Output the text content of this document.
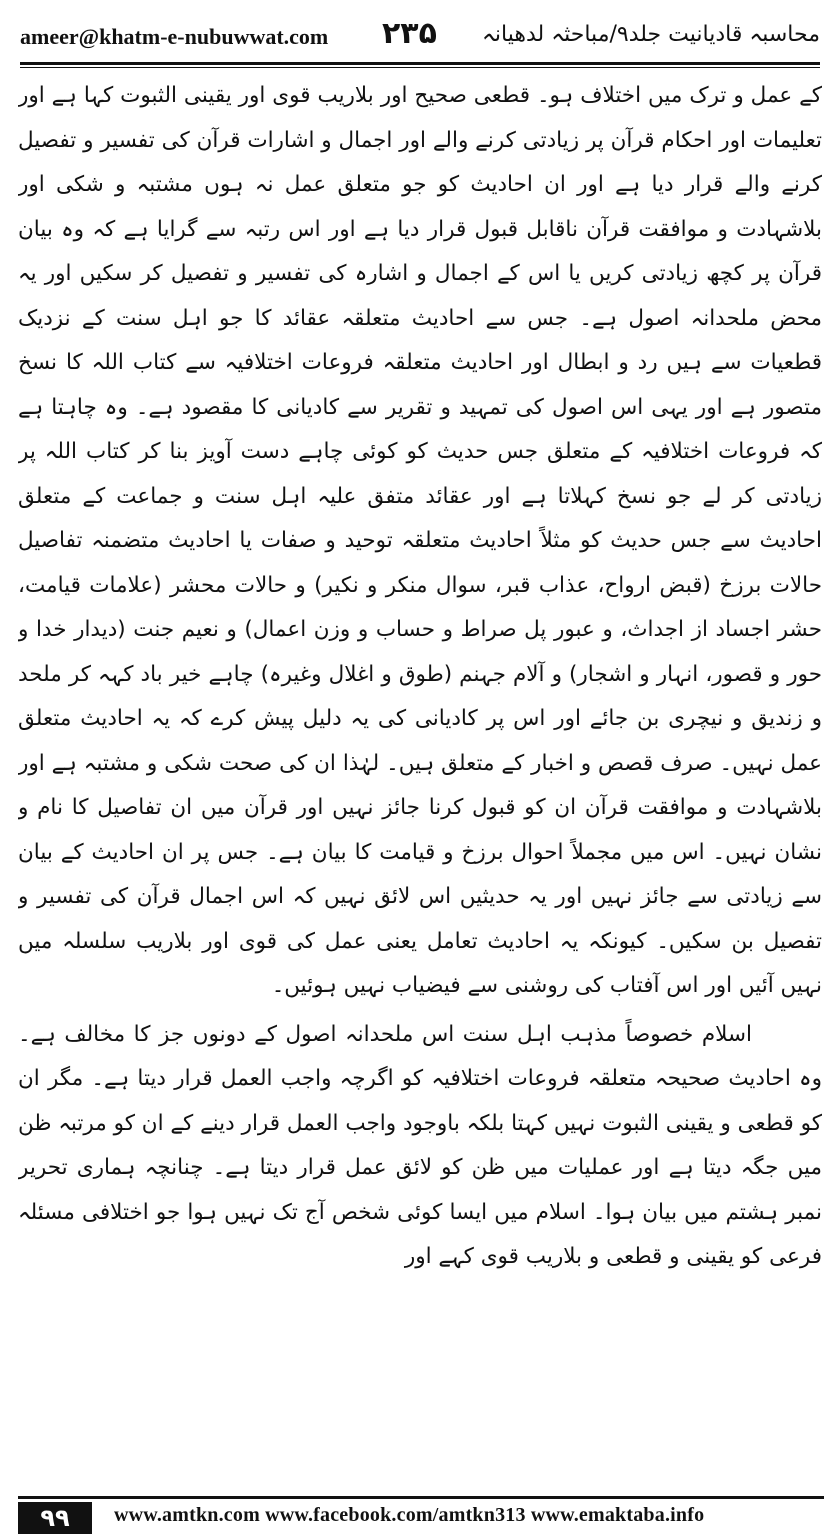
ameer@khatm-e-nubuwwat.com ۲۳۵ محاسبہ قادیانیت جلد۹/مباحثہ لدھیانہ

کے عمل و ترک میں اختلاف ہو۔ قطعی صحیح اور بلاریب قوی اور یقینی الثبوت کہا ہے اور تعلیمات اور احکام قرآن پر زیادتی کرنے والے اور اجمال و اشارات قرآن کی تفسیر و تفصیل کرنے والے قرار دیا ہے اور ان احادیث کو جو متعلق عمل نہ ہوں مشتبہ و شکی اور بلاشہادت و موافقت قرآن ناقابل قبول قرار دیا ہے اور اس رتبہ سے گرایا ہے کہ وہ بیان قرآن پر کچھ زیادتی کریں یا اس کے اجمال و اشارہ کی تفسیر و تفصیل کر سکیں اور یہ محض ملحدانہ اصول ہے۔ جس سے احادیث متعلقہ عقائد کا جو اہل سنت کے نزدیک قطعیات سے ہیں رد و ابطال اور احادیث متعلقہ فروعات اختلافیہ سے کتاب اللہ کا نسخ متصور ہے اور یہی اس اصول کی تمہید و تقریر سے کادیانی کا مقصود ہے۔ وہ چاہتا ہے کہ فروعات اختلافیہ کے متعلق جس حدیث کو کوئی چاہے دست آویز بنا کر کتاب اللہ پر زیادتی کر لے جو نسخ کہلاتا ہے اور عقائد متفق علیہ اہل سنت و جماعت کے متعلق احادیث سے جس حدیث کو مثلاً احادیث متعلقہ توحید و صفات یا احادیث متضمنہ تفاصیل حالات برزخ (قبض ارواح، عذاب قبر، سوال منکر و نکیر) و حالات محشر (علامات قیامت، حشر اجساد از اجداث، و عبور پل صراط و حساب و وزن اعمال) و نعیم جنت (دیدار خدا و حور و قصور، انہار و اشجار) و آلام جہنم (طوق و اغلال وغیرہ) چاہے خیر باد کہہ کر ملحد و زندیق و نیچری بن جائے اور اس پر کادیانی کی یہ دلیل پیش کرے کہ یہ احادیث متعلق عمل نہیں۔ صرف قصص و اخبار کے متعلق ہیں۔ لہٰذا ان کی صحت شکی و مشتبہ ہے اور بلاشہادت و موافقت قرآن ان کو قبول کرنا جائز نہیں اور قرآن میں ان تفاصیل کا نام و نشان نہیں۔ اس میں مجملاً احوال برزخ و قیامت کا بیان ہے۔ جس پر ان احادیث کے بیان سے زیادتی سے جائز نہیں اور یہ حدیثیں اس لائق نہیں کہ اس اجمال قرآن کی تفسیر و تفصیل بن سکیں۔ کیونکہ یہ احادیث تعامل یعنی عمل کی قوی اور بلاریب سلسلہ میں نہیں آئیں اور اس آفتاب کی روشنی سے فیضیاب نہیں ہوئیں۔

اسلام خصوصاً مذہب اہل سنت اس ملحدانہ اصول کے دونوں جز کا مخالف ہے۔ وہ احادیث صحیحہ متعلقہ فروعات اختلافیہ کو اگرچہ واجب العمل قرار دیتا ہے۔ مگر ان کو قطعی و یقینی الثبوت نہیں کہتا بلکہ باوجود واجب العمل قرار دینے کے ان کو مرتبہ ظن میں جگہ دیتا ہے اور عملیات میں ظن کو لائق عمل قرار دیتا ہے۔ چنانچہ ہماری تحریر نمبر ہشتم میں بیان ہوا۔ اسلام میں ایسا کوئی شخص آج تک نہیں ہوا جو اختلافی مسئلہ فرعی کو یقینی و قطعی و بلاریب قوی کہے اور

۹۹	www.amtkn.com www.facebook.com/amtkn313 www.emaktaba.info
